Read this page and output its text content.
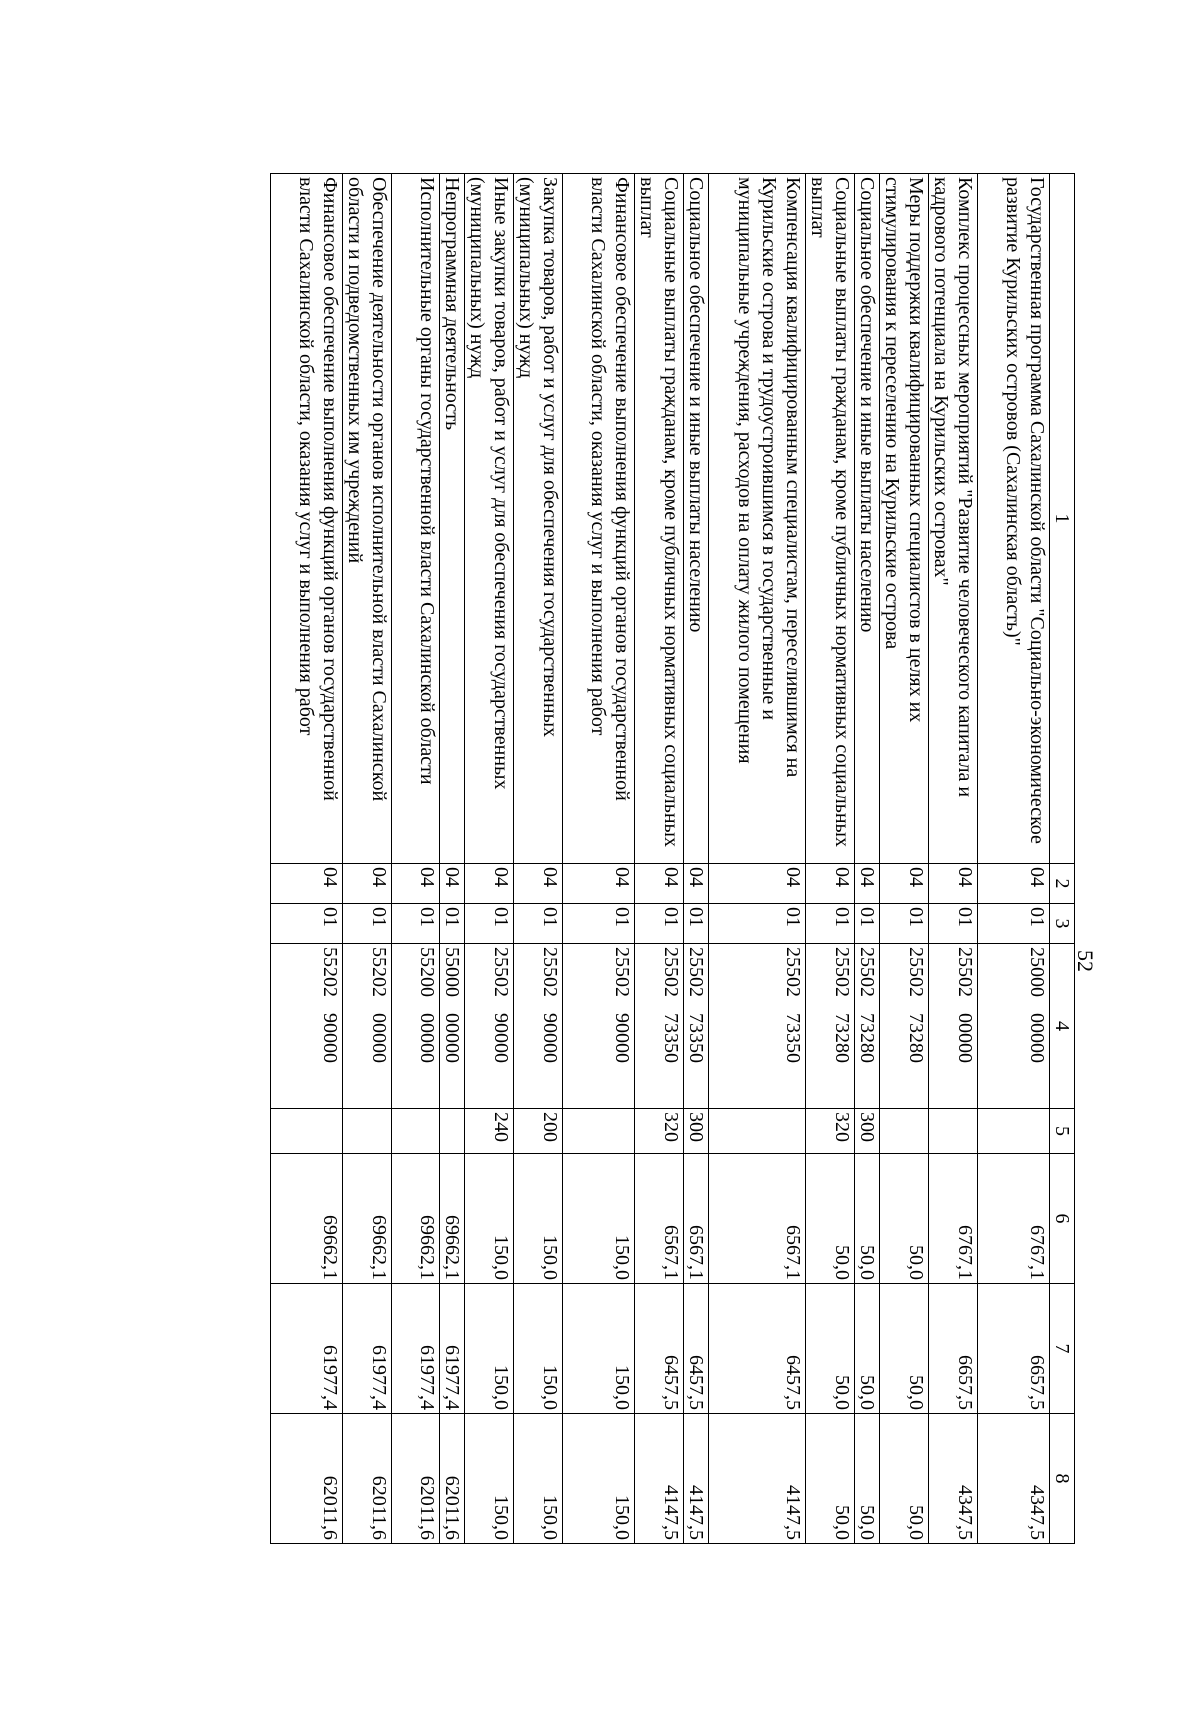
52
1	2	3	4	5	6	7	8
Государственная программа Сахалинской области "Социально-экономическое развитие Курильских островов (Сахалинская область)"	04	01	2500000000		6767,1	6657,5	4347,5
Комплекс процессных мероприятий "Развитие человеческого капитала и кадрового потенциала на Курильских островах"	04	01	2550200000		6767,1	6657,5	4347,5
Меры поддержки квалифицированных специалистов в целях их стимулирования к переселению на Курильские острова	04	01	2550273280		50,0	50,0	50,0
Социальное обеспечение и иные выплаты населению	04	01	2550273280	300	50,0	50,0	50,0
Социальные выплаты гражданам, кроме публичных нормативных социальных выплат	04	01	2550273280	320	50,0	50,0	50,0
Компенсация квалифицированным специалистам, переселившимся на Курильские острова и трудоустроившимся в государственные и муниципальные учреждения, расходов на оплату жилого помещения	04	01	2550273350		6567,1	6457,5	4147,5
Социальное обеспечение и иные выплаты населению	04	01	2550273350	300	6567,1	6457,5	4147,5
Социальные выплаты гражданам, кроме публичных нормативных социальных выплат	04	01	2550273350	320	6567,1	6457,5	4147,5
Финансовое обеспечение выполнения функций органов государственной власти Сахалинской области, оказания услуг и выполнения работ	04	01	2550290000		150,0	150,0	150,0
Закупка товаров, работ и услуг для обеспечения государственных (муниципальных) нужд	04	01	2550290000	200	150,0	150,0	150,0
Иные закупки товаров, работ и услуг для обеспечения государственных (муниципальных) нужд	04	01	2550290000	240	150,0	150,0	150,0
Непрограммная деятельность	04	01	5500000000		69662,1	61977,4	62011,6
Исполнительные органы государственной власти Сахалинской области	04	01	5520000000		69662,1	61977,4	62011,6
Обеспечение деятельности органов исполнительной власти Сахалинской области и подведомственных им учреждений	04	01	5520200000		69662,1	61977,4	62011,6
Финансовое обеспечение выполнения функций органов государственной власти Сахалинской области, оказания услуг и выполнения работ	04	01	5520290000		69662,1	61977,4	62011,6
